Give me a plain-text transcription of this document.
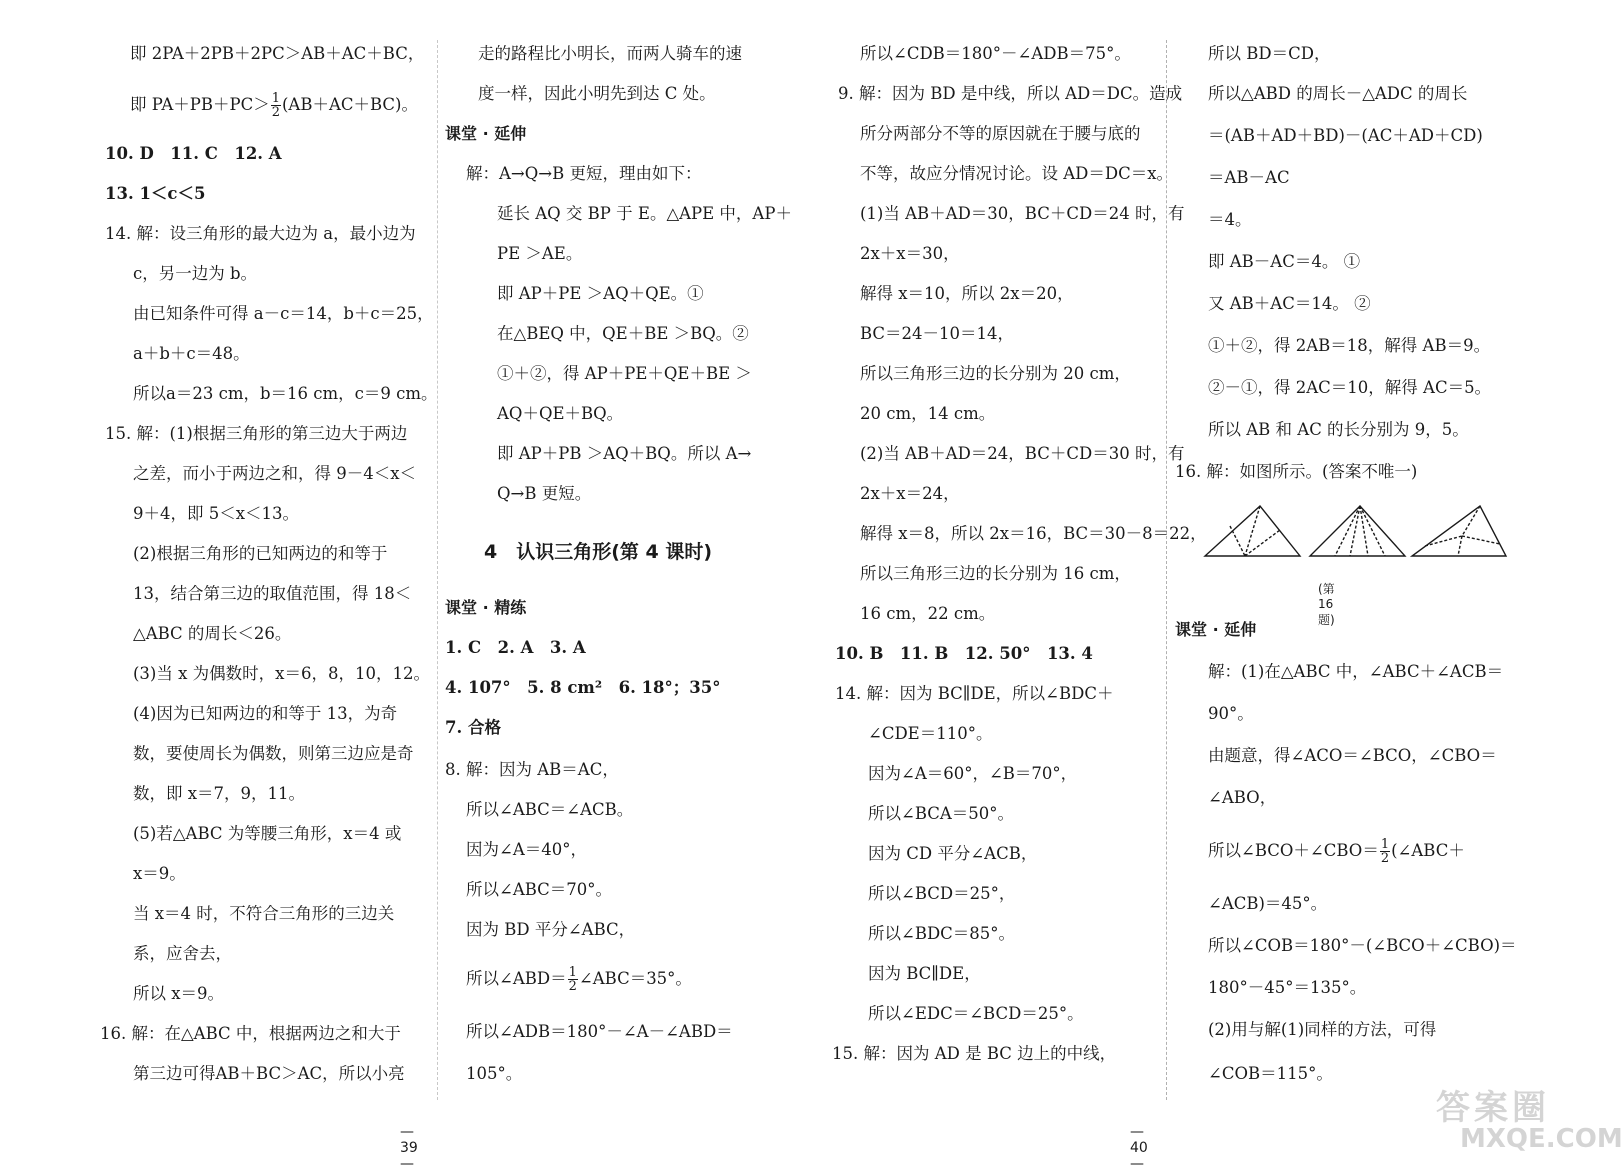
即 2PA＋2PB＋2PC＞AB＋AC＋BC，
即 $PA+PB+PC> \frac{1}{2} (AB+AC+BC)$。
10. D　11. C　12. A
13. 1＜c＜5
14. 解：设三角形的最大边为 a，最小边为
c，另一边为 b。
由已知条件可得 a－c＝14，b＋c＝25，
a＋b＋c＝48。
所以a＝23 cm，b＝16 cm，c＝9 cm。
15. 解：(1)根据三角形的第三边大于两边
之差，而小于两边之和，得 9－4＜x＜
9＋4，即 5＜x＜13。
(2)根据三角形的已知两边的和等于
13，结合第三边的取值范围，得 18＜
△ABC 的周长＜26。
(3)当 x 为偶数时，x＝6，8，10，12。
(4)因为已知两边的和等于 13，为奇
数，要使周长为偶数，则第三边应是奇
数，即 x＝7，9，11。
(5)若△ABC 为等腰三角形，x＝4 或
x＝9。
当 x＝4 时，不符合三角形的三边关
系，应舍去，
所以 x＝9。
16. 解：在△ABC 中，根据两边之和大于
第三边可得AB＋BC＞AC，所以小亮
— 39 —
走的路程比小明长，而两人骑车的速
度一样，因此小明先到达 C 处。
课堂 · 延伸
解：A→Q→B 更短，理由如下：
延长 AQ 交 BP 于 E。△APE 中，AP＋
PE ＞AE。
即 AP＋PE ＞AQ＋QE。①
在△BEQ 中，QE＋BE ＞BQ。②
①＋②，得 AP＋PE＋QE＋BE ＞
AQ＋QE＋BQ。
即 AP＋PB ＞AQ＋BQ。所以 A→
Q→B 更短。
4　认识三角形(第 4 课时)
课堂 · 精练
1. C　2. A　3. A
4. 107°　5. 8 cm²　6. 18°；35°
7. 合格
8. 解：因为 AB＝AC，
所以∠ABC＝∠ACB。
因为∠A＝40°，
所以∠ABC＝70°。
因为 BD 平分∠ABC，
所以∠ABD＝ $\frac{1}{2}$ ∠ABC＝35°。
所以∠ADB＝180°－∠A－∠ABD＝
105°。
所以∠CDB＝180°－∠ADB＝75°。
9. 解：因为 BD 是中线，所以 AD＝DC。造成
所分两部分不等的原因就在于腰与底的
不等，故应分情况讨论。设 AD＝DC＝x。
(1)当 AB＋AD＝30，BC＋CD＝24 时，有
2x＋x＝30，
解得 x＝10，所以 2x＝20，
BC＝24－10＝14，
所以三角形三边的长分别为 20 cm，
20 cm，14 cm。
(2)当 AB＋AD＝24，BC＋CD＝30 时，有
2x＋x＝24，
解得 x＝8，所以 2x＝16，BC＝30－8＝22，
所以三角形三边的长分别为 16 cm，
16 cm，22 cm。
10. B　11. B　12. 50°　13. 4
14. 解：因为 BC∥DE，所以∠BDC＋
∠CDE＝110°。
因为∠A＝60°，∠B＝70°，
所以∠BCA＝50°。
因为 CD 平分∠ACB，
所以∠BCD＝25°，
所以∠BDC＝85°。
因为 BC∥DE，
所以∠EDC＝∠BCD＝25°。
15. 解：因为 AD 是 BC 边上的中线，
— 40 —
所以 BD＝CD，
所以△ABD 的周长－△ADC 的周长
＝(AB＋AD＋BD)－(AC＋AD＋CD)
＝AB－AC
＝4。
即 AB－AC＝4。 ①
又 AB＋AC＝14。 ②
①＋②，得 2AB＝18，解得 AB＝9。
②－①，得 2AC＝10，解得 AC＝5。
所以 AB 和 AC 的长分别为 9，5。
16. 解：如图所示。(答案不唯一)
(第 16 题)
课堂 · 延伸
解：(1)在△ABC 中，∠ABC＋∠ACB＝
90°。
由题意，得∠ACO＝∠BCO，∠CBO＝
∠ABO，
所以∠BCO＋∠CBO＝ $\frac{1}{2}$ (∠ABC＋
∠ACB)＝45°。
所以∠COB＝180°－(∠BCO＋∠CBO)＝
180°－45°＝135°。
(2)用与解(1)同样的方法，可得
∠COB＝115°。
答案圈
MXQE.COM
